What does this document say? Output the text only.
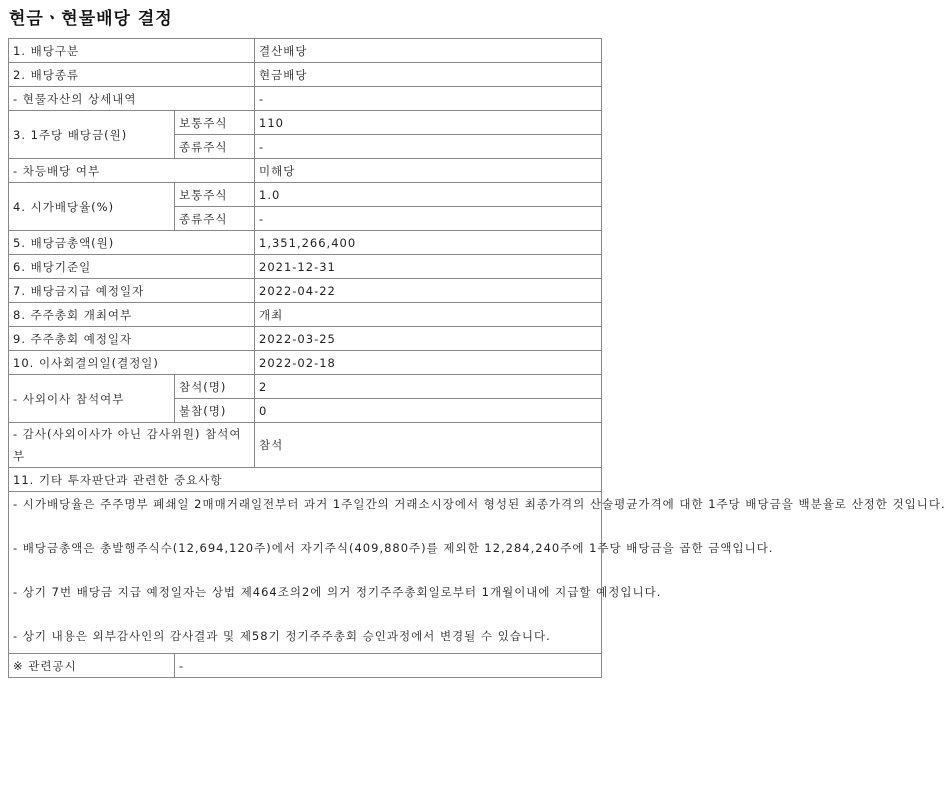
현금ㆍ현물배당 결정
1. 배당구분		결산배당
2. 배당종류		현금배당
- 현물자산의 상세내역		-
3. 1주당 배당금(원)	보통주식	110
	종류주식	-
- 차등배당 여부		미해당
4. 시가배당율(%)	보통주식	1.0
	종류주식	-
5. 배당금총액(원)		1,351,266,400
6. 배당기준일		2021-12-31
7. 배당금지급 예정일자		2022-04-22
8. 주주총회 개최여부		개최
9. 주주총회 예정일자		2022-03-25
10. 이사회결의일(결정일)		2022-02-18
- 사외이사 참석여부	참석(명)	2
	불참(명)	0
- 감사(사외이사가 아닌 감사위원) 참석여부		참석
11. 기타 투자판단과 관련한 중요사항		

- 시가배당율은 주주명부 폐쇄일 2매매거래일전부터 과거 1주일간의 거래소시장에서 형성된 최종가격의 산술평균가격에 대한 1주당 배당금을 백분율로 산정한 것입니다.

- 배당금총액은 총발행주식수(12,694,120주)에서 자기주식(409,880주)를 제외한 12,284,240주에 1주당 배당금을 곱한 금액입니다.

- 상기 7번 배당금 지급 예정일자는 상법 제464조의2에 의거 정기주주총회일로부터 1개월이내에 지급할 예정입니다.

- 상기 내용은 외부감사인의 감사결과 및 제58기 정기주주총회 승인과정에서 변경될 수 있습니다.		

※ 관련공시	-	
